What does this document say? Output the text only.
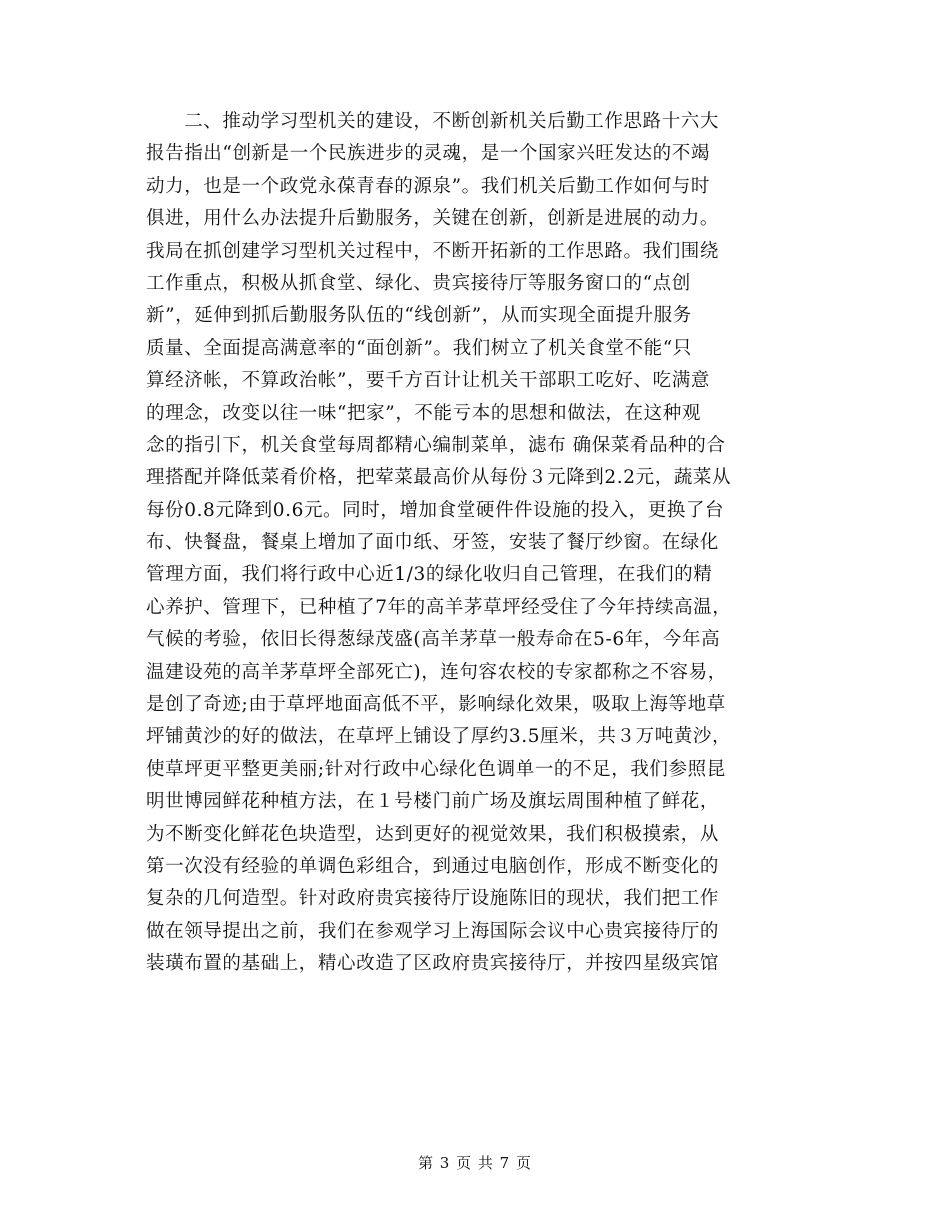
　　二、推动学习型机关的建设，不断创新机关后勤工作思路十六大
报告指出“创新是一个民族进步的灵魂，是一个国家兴旺发达的不竭
动力，也是一个政党永葆青春的源泉”。我们机关后勤工作如何与时
俱进，用什么办法提升后勤服务，关键在创新，创新是进展的动力。
我局在抓创建学习型机关过程中，不断开拓新的工作思路。我们围绕
工作重点，积极从抓食堂、绿化、贵宾接待厅等服务窗口的“点创
新”，延伸到抓后勤服务队伍的“线创新”，从而实现全面提升服务
质量、全面提高满意率的“面创新”。我们树立了机关食堂不能“只
算经济帐，不算政治帐”，要千方百计让机关干部职工吃好、吃满意
的理念，改变以往一味“把家”，不能亏本的思想和做法，在这种观
念的指引下，机关食堂每周都精心编制菜单，滤布 确保菜肴品种的合
理搭配并降低菜肴价格，把荤菜最高价从每份３元降到2.2元，蔬菜从
每份0.8元降到0.6元。同时，增加食堂硬件件设施的投入，更换了台
布、快餐盘，餐桌上增加了面巾纸、牙签，安装了餐厅纱窗。在绿化
管理方面，我们将行政中心近1/3的绿化收归自己管理，在我们的精
心养护、管理下，已种植了7年的高羊茅草坪经受住了今年持续高温，
气候的考验，依旧长得葱绿茂盛(高羊茅草一般寿命在5-6年，今年高
温建设苑的高羊茅草坪全部死亡)，连句容农校的专家都称之不容易，
是创了奇迹;由于草坪地面高低不平，影响绿化效果，吸取上海等地草
坪铺黄沙的好的做法，在草坪上铺设了厚约3.5厘米，共３万吨黄沙，
使草坪更平整更美丽;针对行政中心绿化色调单一的不足，我们参照昆
明世博园鲜花种植方法，在１号楼门前广场及旗坛周围种植了鲜花，
为不断变化鲜花色块造型，达到更好的视觉效果，我们积极摸索，从
第一次没有经验的单调色彩组合，到通过电脑创作，形成不断变化的
复杂的几何造型。针对政府贵宾接待厅设施陈旧的现状，我们把工作
做在领导提出之前，我们在参观学习上海国际会议中心贵宾接待厅的
装璜布置的基础上，精心改造了区政府贵宾接待厅，并按四星级宾馆
第 3 页 共 7 页
